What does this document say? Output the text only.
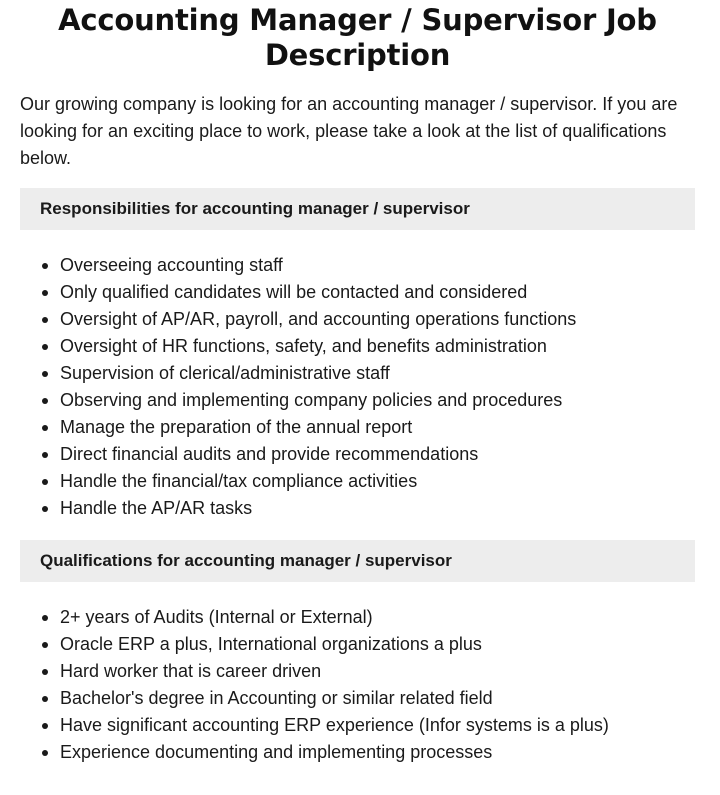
Accounting Manager / Supervisor Job Description

Our growing company is looking for an accounting manager / supervisor. If you are looking for an exciting place to work, please take a look at the list of qualifications below.

Responsibilities for accounting manager / supervisor
Overseeing accounting staff
Only qualified candidates will be contacted and considered
Oversight of AP/AR, payroll, and accounting operations functions
Oversight of HR functions, safety, and benefits administration
Supervision of clerical/administrative staff
Observing and implementing company policies and procedures
Manage the preparation of the annual report
Direct financial audits and provide recommendations
Handle the financial/tax compliance activities
Handle the AP/AR tasks
Qualifications for accounting manager / supervisor
2+ years of Audits (Internal or External)
Oracle ERP a plus, International organizations a plus
Hard worker that is career driven
Bachelor's degree in Accounting or similar related field
Have significant accounting ERP experience (Infor systems is a plus)
Experience documenting and implementing processes
